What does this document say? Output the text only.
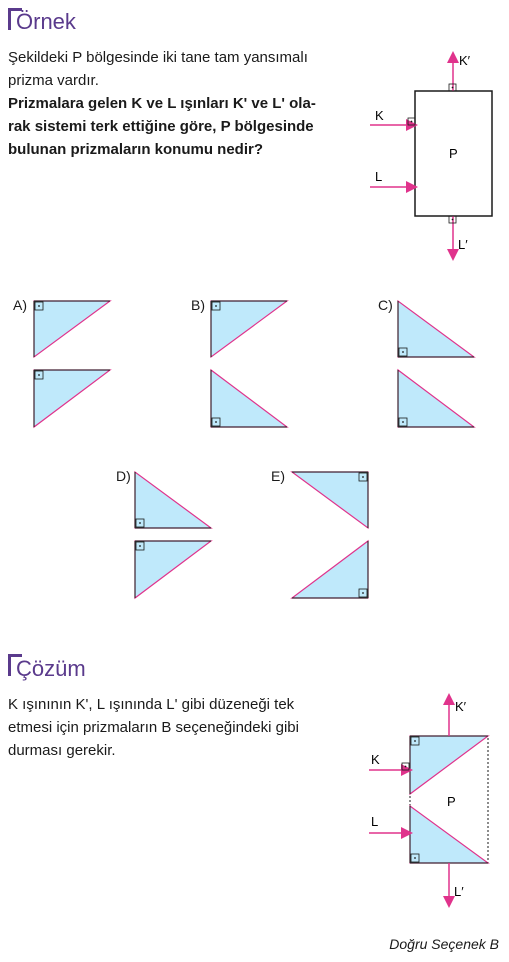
Örnek
Şekildeki P bölgesinde iki tane tam yansımalı
prizma vardır.
Prizmalara gelen K ve L ışınları K' ve L' ola-
rak sistemi terk ettiğine göre, P bölgesinde
bulunan prizmaların konumu nedir?
K′
K
P
L
L′
A)	B)	C)
D)	E)
Çözüm
K ışınının K', L ışınında L' gibi düzeneği tek
etmesi için prizmaların B seçeneğindeki gibi
durması gerekir.
K′
K
P
L
L′
Doğru Seçenek B
